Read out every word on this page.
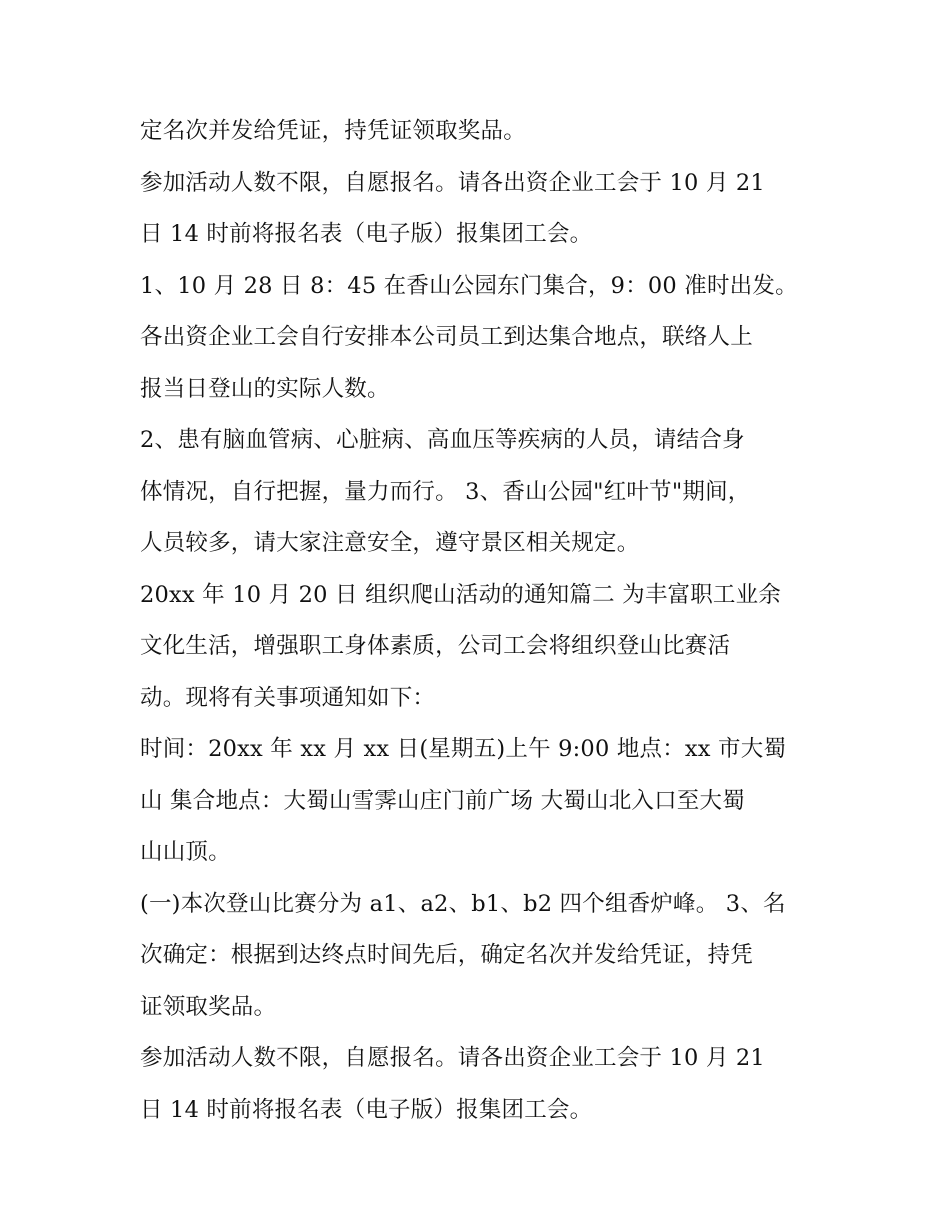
定名次并发给凭证，持凭证领取奖品。
参加活动人数不限，自愿报名。请各出资企业工会于 10 月 21
日 14 时前将报名表（电子版）报集团工会。
1、10 月 28 日 8：45 在香山公园东门集合，9：00 准时出发。
各出资企业工会自行安排本公司员工到达集合地点，联络人上
报当日登山的实际人数。
2、患有脑血管病、心脏病、高血压等疾病的人员，请结合身
体情况，自行把握，量力而行。 3、香山公园"红叶节"期间，
人员较多，请大家注意安全，遵守景区相关规定。
20xx 年 10 月 20 日 组织爬山活动的通知篇二 为丰富职工业余
文化生活，增强职工身体素质，公司工会将组织登山比赛活
动。现将有关事项通知如下：
时间：20xx 年 xx 月 xx 日(星期五)上午 9:00 地点：xx 市大蜀
山 集合地点：大蜀山雪霁山庄门前广场 大蜀山北入口至大蜀
山山顶。
(一)本次登山比赛分为 a1、a2、b1、b2 四个组香炉峰。 3、名
次确定：根据到达终点时间先后，确定名次并发给凭证，持凭
证领取奖品。
参加活动人数不限，自愿报名。请各出资企业工会于 10 月 21
日 14 时前将报名表（电子版）报集团工会。
